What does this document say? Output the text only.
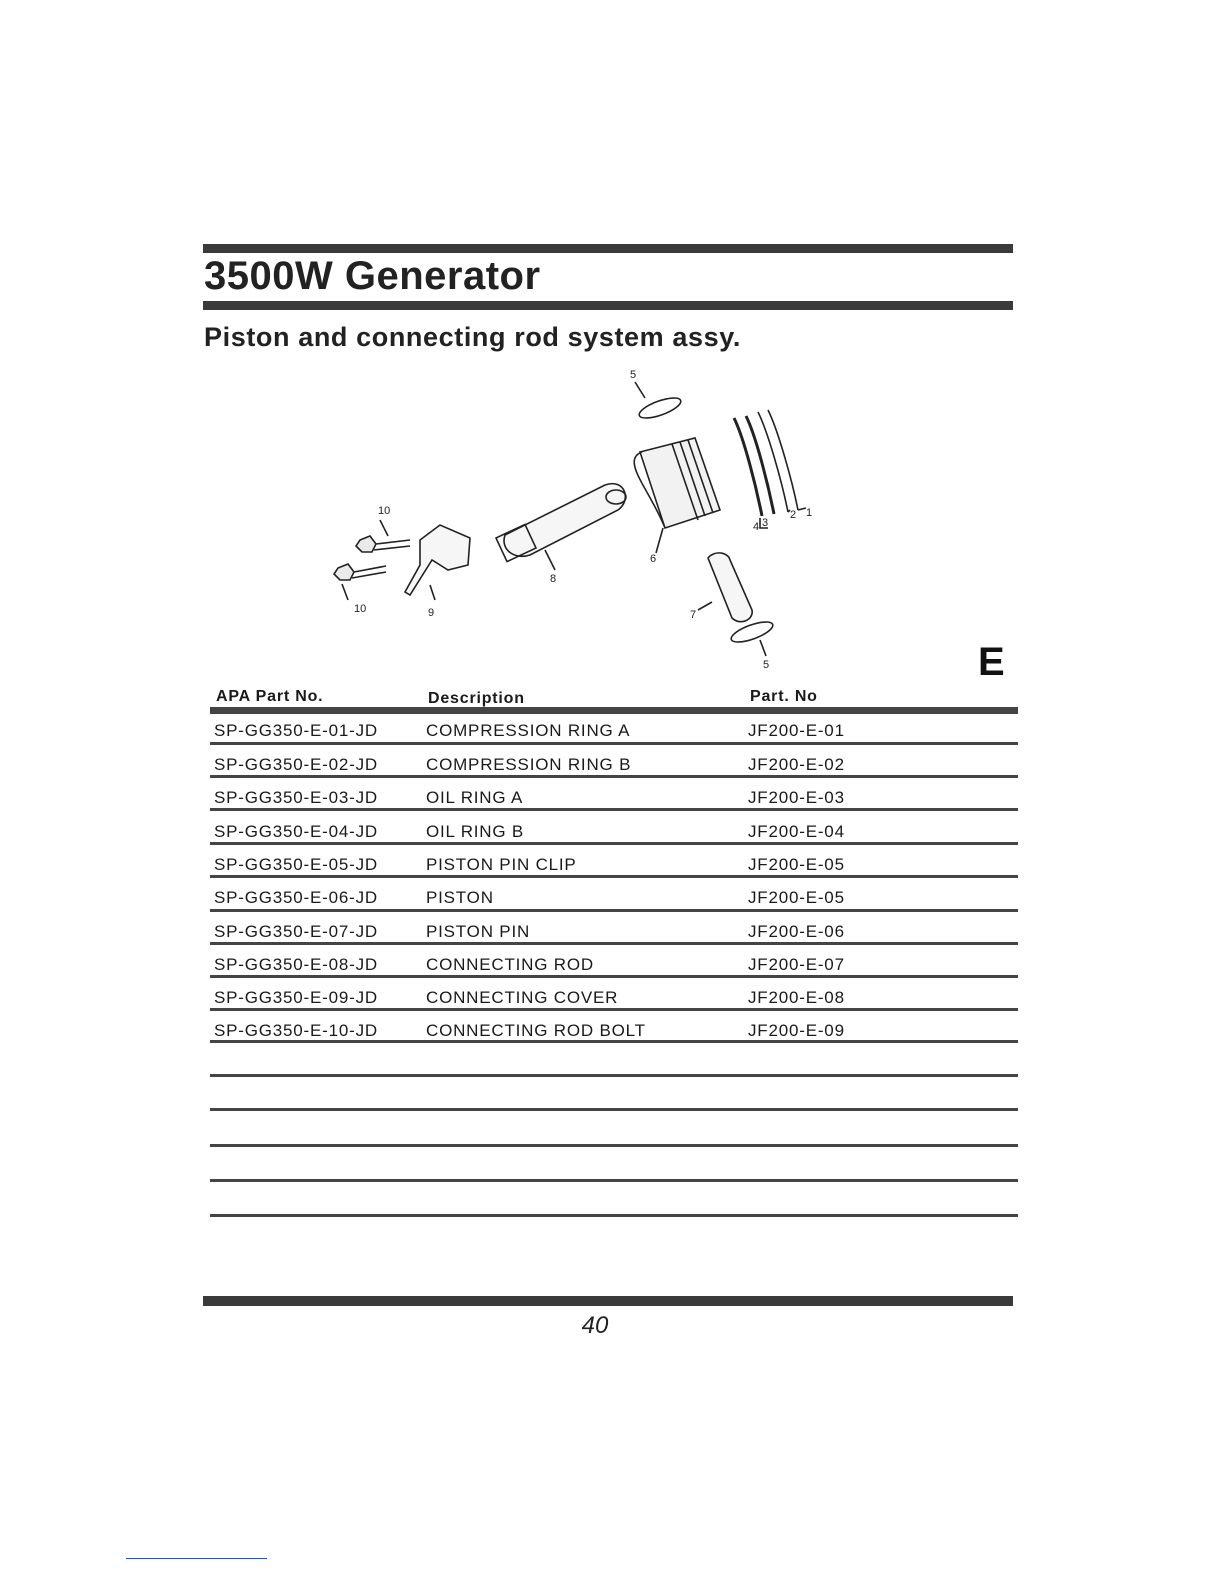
3500W Generator
Piston and connecting rod system assy.
5
1
2
3
4
6
10
10
8
9	7
5	E
APA Part No.	Description	Part. No
SP-GG350-E-01-JD	COMPRESSION RING A	JF200-E-01
SP-GG350-E-02-JD	COMPRESSION RING B	JF200-E-02
SP-GG350-E-03-JD	OIL RING A	JF200-E-03
SP-GG350-E-04-JD	OIL RING B	JF200-E-04
SP-GG350-E-05-JD	PISTON PIN CLIP	JF200-E-05
SP-GG350-E-06-JD	PISTON	JF200-E-05
SP-GG350-E-07-JD	PISTON PIN	JF200-E-06
SP-GG350-E-08-JD	CONNECTING ROD	JF200-E-07
SP-GG350-E-09-JD	CONNECTING COVER	JF200-E-08
SP-GG350-E-10-JD	CONNECTING ROD BOLT	JF200-E-09
40
